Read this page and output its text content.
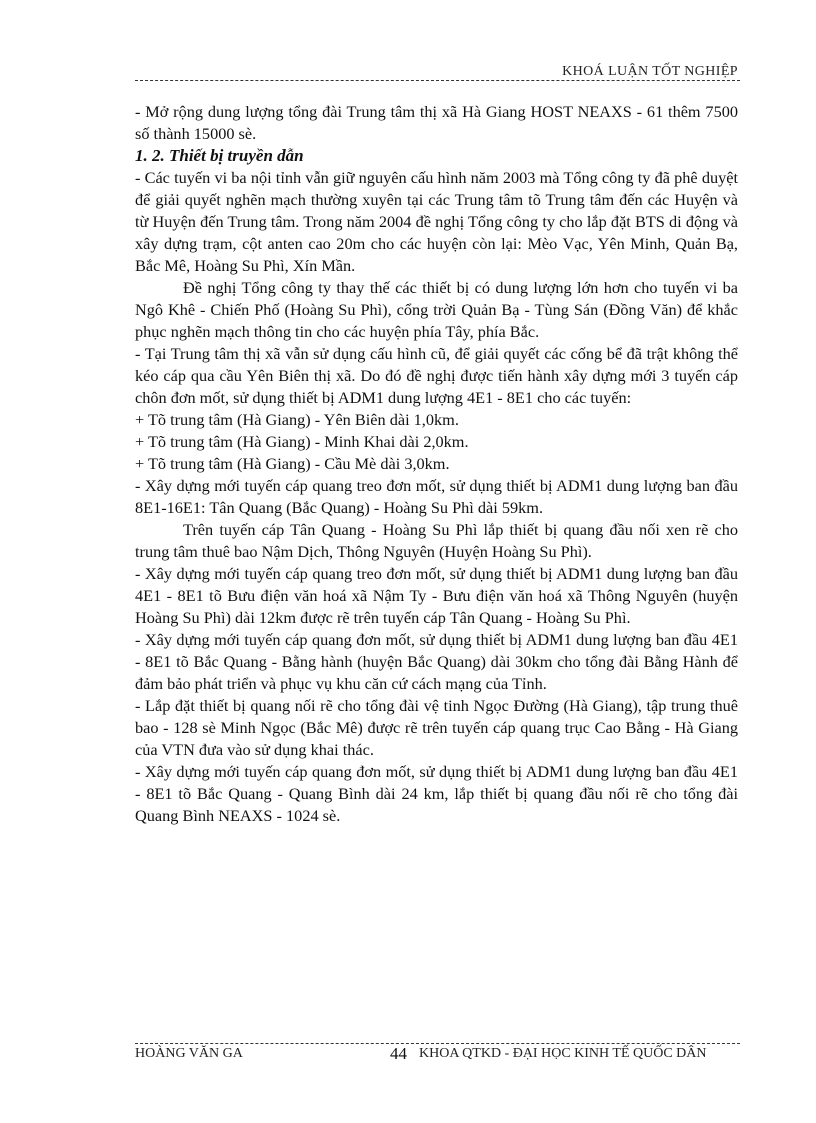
KHOÁ LUẬN TỐT NGHIỆP

- Mở rộng dung lượng tổng đài Trung tâm thị xã Hà Giang HOST NEAXS - 61 thêm 7500 số thành 15000 sè.

1. 2. Thiết bị truyền dẫn

- Các tuyến vi ba nội tỉnh vẫn giữ nguyên cấu hình năm 2003 mà Tổng công ty đã phê duyệt để giải quyết nghẽn mạch thường xuyên tại các Trung tâm tõ Trung tâm đến các Huyện và từ Huyện đến Trung tâm. Trong năm 2004 đề nghị Tổng công ty cho lắp đặt BTS di động và xây dựng trạm, cột anten cao 20m cho các huyện còn lại: Mèo Vạc, Yên Minh, Quản Bạ, Bắc Mê, Hoàng Su Phì, Xín Mần.

Đề nghị Tổng công ty thay thế các thiết bị có dung lượng lớn hơn cho tuyến vi ba Ngô Khê - Chiến Phố (Hoàng Su Phì), cổng trời Quản Bạ - Tùng Sán (Đồng Văn) để khắc phục nghẽn mạch thông tin cho các huyện phía Tây, phía Bắc.

- Tại Trung tâm thị xã vẫn sử dụng cấu hình cũ, để giải quyết các cống bể đã trật không thể kéo cáp qua cầu Yên Biên thị xã. Do đó đề nghị được tiến hành xây dựng mới 3 tuyến cáp chôn đơn mốt, sử dụng thiết bị ADM1 dung lượng 4E1 - 8E1 cho các tuyến:

+ Tõ trung tâm (Hà Giang) - Yên Biên dài 1,0km.

+ Tõ trung tâm (Hà Giang) - Minh Khai dài 2,0km.

+ Tõ trung tâm (Hà Giang) - Cầu Mè dài 3,0km.

- Xây dựng mới tuyến cáp quang treo đơn mốt, sử dụng thiết bị ADM1 dung lượng ban đầu 8E1-16E1: Tân Quang (Bắc Quang) - Hoàng Su Phì dài 59km.

Trên tuyến cáp Tân Quang - Hoàng Su Phì lắp thiết bị quang đầu nối xen rẽ cho trung tâm thuê bao Nậm Dịch, Thông Nguyên (Huyện Hoàng Su Phì).

- Xây dựng mới tuyến cáp quang treo đơn mốt, sử dụng thiết bị ADM1 dung lượng ban đầu 4E1 - 8E1 tõ Bưu điện văn hoá xã Nậm Ty - Bưu điện văn hoá xã Thông Nguyên (huyện Hoàng Su Phì) dài 12km được rẽ trên tuyến cáp Tân Quang - Hoàng Su Phì.

- Xây dựng mới tuyến cáp quang đơn mốt, sử dụng thiết bị ADM1 dung lượng ban đầu 4E1 - 8E1 tõ Bắc Quang - Bằng hành (huyện Bắc Quang) dài 30km cho tổng đài Bằng Hành để đảm bảo phát triển và phục vụ khu căn cứ cách mạng của Tỉnh.

- Lắp đặt thiết bị quang nối rẽ cho tổng đài vệ tinh Ngọc Đường (Hà Giang), tập trung thuê bao - 128 sè Minh Ngọc (Bắc Mê) được rẽ trên tuyến cáp quang trục Cao Bằng - Hà Giang của VTN đưa vào sử dụng khai thác.

- Xây dựng mới tuyến cáp quang đơn mốt, sử dụng thiết bị ADM1 dung lượng ban đầu 4E1 - 8E1 tõ Bắc Quang - Quang Bình dài 24 km, lắp thiết bị quang đầu nối rẽ cho tổng đài Quang Bình NEAXS - 1024 sè.

HOÀNG VĂN GA	44 KHOA QTKD - ĐẠI HỌC KINH TẾ QUỐC DÂN
